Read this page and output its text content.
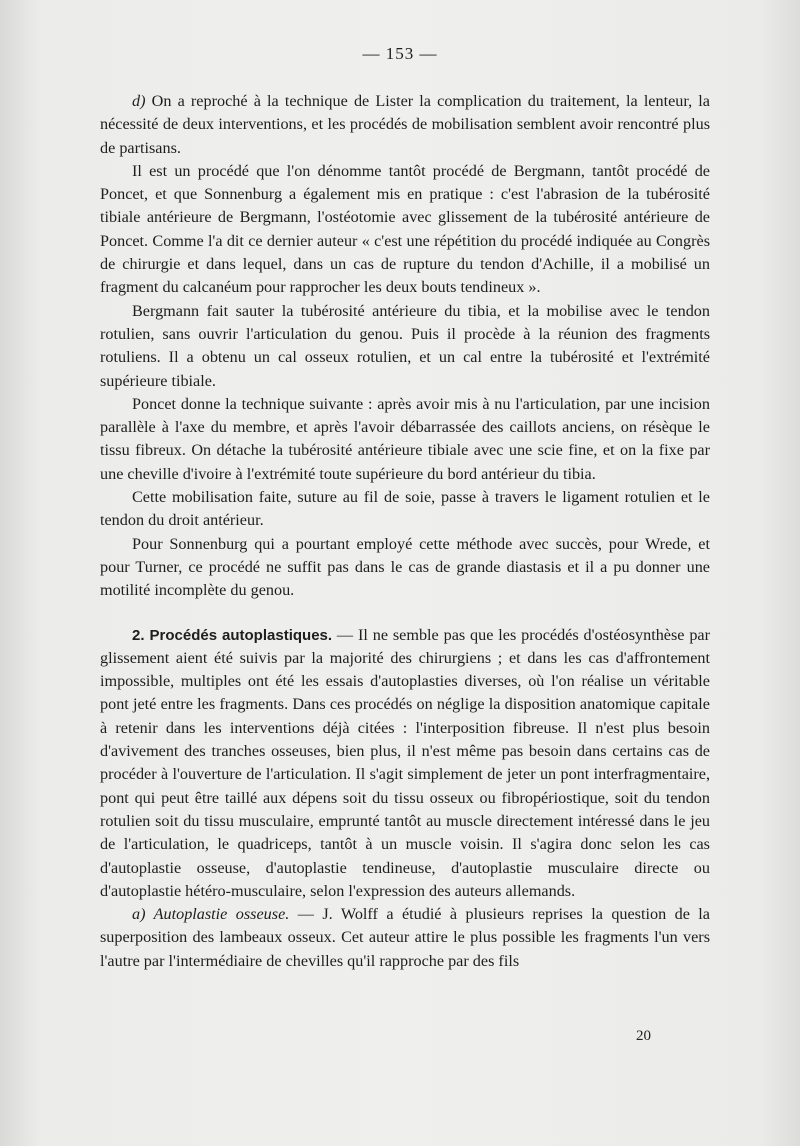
— 153 —

d) On a reproché à la technique de Lister la complication du traitement, la lenteur, la nécessité de deux interventions, et les procédés de mobilisation semblent avoir rencontré plus de partisans.

Il est un procédé que l'on dénomme tantôt procédé de Bergmann, tantôt procédé de Poncet, et que Sonnenburg a également mis en pratique : c'est l'abrasion de la tubérosité tibiale antérieure de Bergmann, l'ostéotomie avec glissement de la tubérosité antérieure de Poncet. Comme l'a dit ce dernier auteur « c'est une répétition du procédé indiquée au Congrès de chirurgie et dans lequel, dans un cas de rupture du tendon d'Achille, il a mobilisé un fragment du calcanéum pour rapprocher les deux bouts tendineux ».

Bergmann fait sauter la tubérosité antérieure du tibia, et la mobilise avec le tendon rotulien, sans ouvrir l'articulation du genou. Puis il procède à la réunion des fragments rotuliens. Il a obtenu un cal osseux rotulien, et un cal entre la tubérosité et l'extrémité supérieure tibiale.

Poncet donne la technique suivante : après avoir mis à nu l'articulation, par une incision parallèle à l'axe du membre, et après l'avoir débarrassée des caillots anciens, on résèque le tissu fibreux. On détache la tubérosité antérieure tibiale avec une scie fine, et on la fixe par une cheville d'ivoire à l'extrémité toute supérieure du bord antérieur du tibia.

Cette mobilisation faite, suture au fil de soie, passe à travers le ligament rotulien et le tendon du droit antérieur.

Pour Sonnenburg qui a pourtant employé cette méthode avec succès, pour Wrede, et pour Turner, ce procédé ne suffit pas dans le cas de grande diastasis et il a pu donner une motilité incomplète du genou.

2. Procédés autoplastiques. — Il ne semble pas que les procédés d'ostéosynthèse par glissement aient été suivis par la majorité des chirurgiens ; et dans les cas d'affrontement impossible, multiples ont été les essais d'autoplasties diverses, où l'on réalise un véritable pont jeté entre les fragments. Dans ces procédés on néglige la disposition anatomique capitale à retenir dans les interventions déjà citées : l'interposition fibreuse. Il n'est plus besoin d'avivement des tranches osseuses, bien plus, il n'est même pas besoin dans certains cas de procéder à l'ouverture de l'articulation. Il s'agit simplement de jeter un pont interfragmentaire, pont qui peut être taillé aux dépens soit du tissu osseux ou fibropériostique, soit du tendon rotulien soit du tissu musculaire, emprunté tantôt au muscle directement intéressé dans le jeu de l'articulation, le quadriceps, tantôt à un muscle voisin. Il s'agira donc selon les cas d'autoplastie osseuse, d'autoplastie tendineuse, d'autoplastie musculaire directe ou d'autoplastie hétéro-musculaire, selon l'expression des auteurs allemands.

a) Autoplastie osseuse. — J. Wolff a étudié à plusieurs reprises la question de la superposition des lambeaux osseux. Cet auteur attire le plus possible les fragments l'un vers l'autre par l'intermédiaire de chevilles qu'il rapproche par des fils

20
